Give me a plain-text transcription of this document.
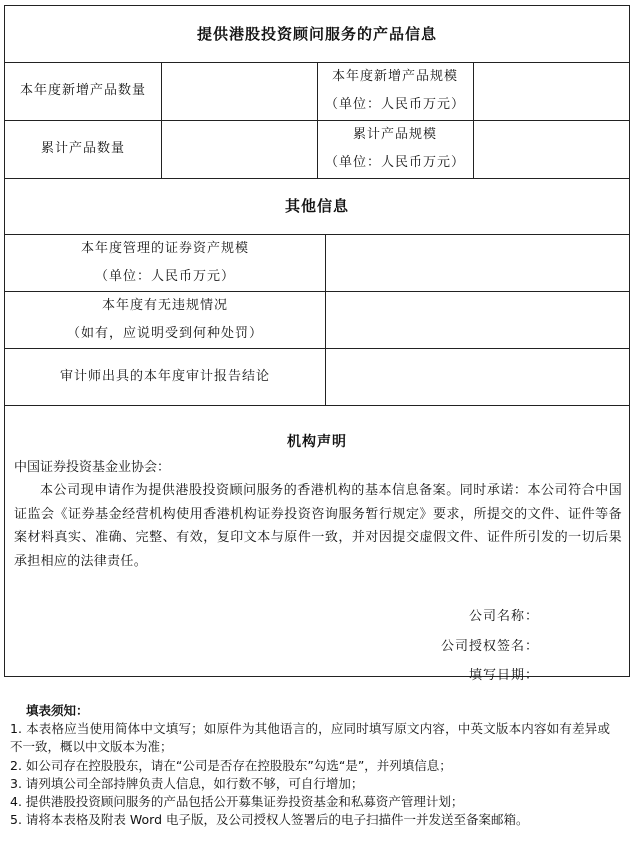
提供港股投资顾问服务的产品信息
本年度新增产品数量
本年度新增产品规模
（单位：人民币万元）
累计产品数量
累计产品规模
（单位：人民币万元）
其他信息
本年度管理的证券资产规模
（单位：人民币万元）
本年度有无违规情况
（如有，应说明受到何种处罚）
审计师出具的本年度审计报告结论
机构声明
中国证券投资基金业协会：
本公司现申请作为提供港股投资顾问服务的香港机构的基本信息备案。同时承诺：本公司符合中国证监会《证券基金经营机构使用香港机构证券投资咨询服务暂行规定》要求，所提交的文件、证件等备案材料真实、准确、完整、有效，复印文本与原件一致，并对因提交虚假文件、证件所引发的一切后果承担相应的法律责任。
公司名称：
公司授权签名：
填写日期：
填表须知：
1. 本表格应当使用简体中文填写；如原件为其他语言的，应同时填写原文内容，中英文版本内容如有差异或不一致，概以中文版本为准；
2. 如公司存在控股股东，请在“公司是否存在控股股东”勾选“是”，并列填信息；
3. 请列填公司全部持牌负责人信息，如行数不够，可自行增加；
4. 提供港股投资顾问服务的产品包括公开募集证券投资基金和私募资产管理计划；
5. 请将本表格及附表 Word 电子版，及公司授权人签署后的电子扫描件一并发送至备案邮箱。
